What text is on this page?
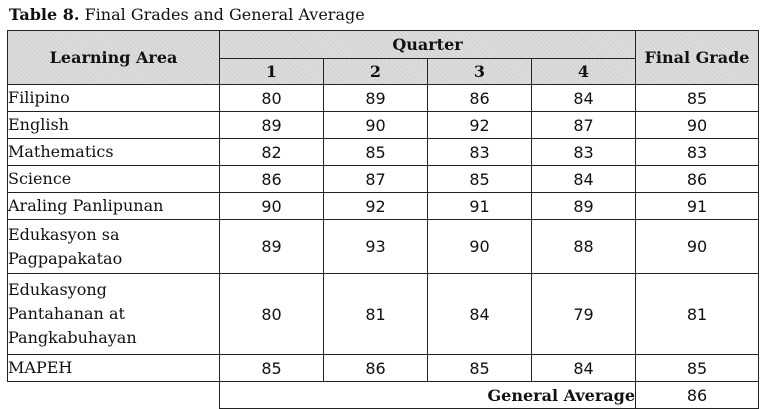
Table 8. Final Grades and General Average
Learning Area	Quarter				Final Grade
	1	2	3	4	

Filipino	80	89	86	84	85

English	89	90	92	87	90

Mathematics	82	85	83	83	83

Science	86	87	85	84	86

Araling Panlipunan	90	92	91	89	91

Edukasyon sa
Pagpapakatao	89	93	90	88	90

Edukasyong
Pantahanan at
Pangkabuhayan	80	81	84	79	81

MAPEH	85	86	85	84	85
	General Average				86
